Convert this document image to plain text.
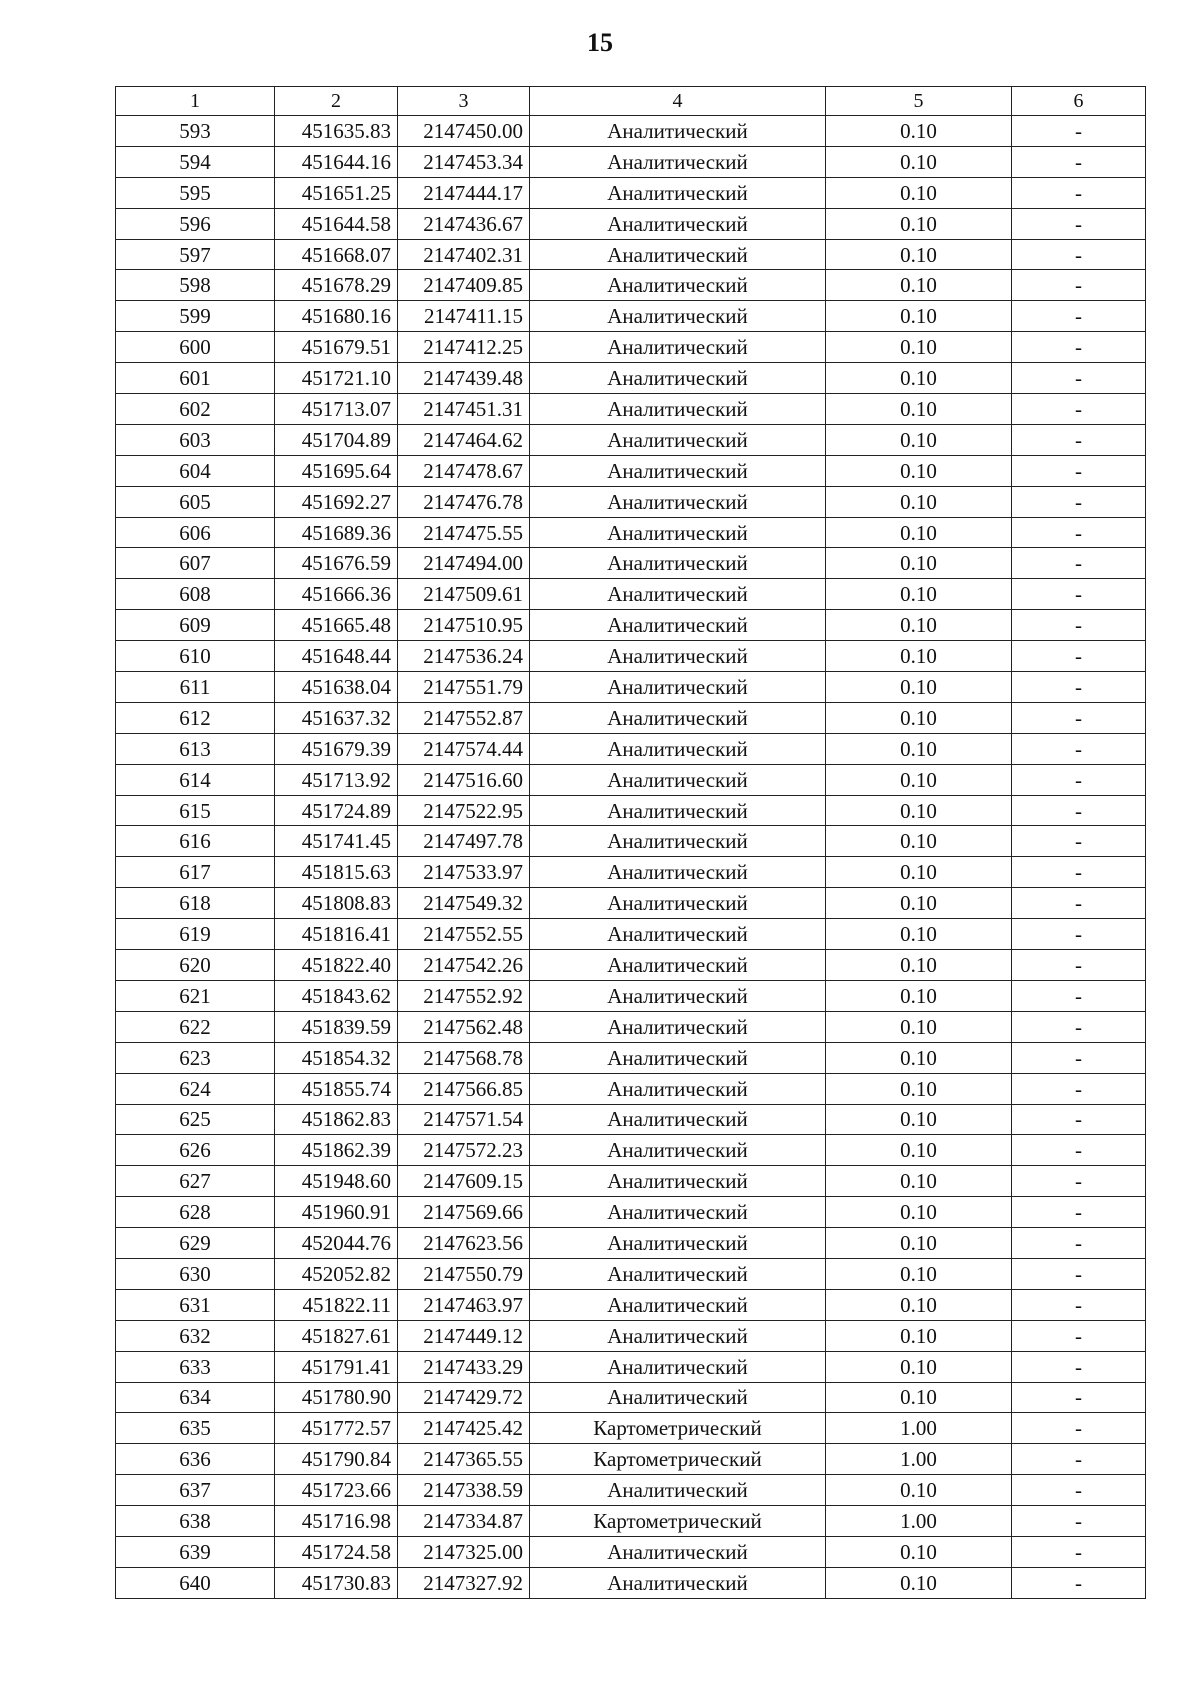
15
1	2	3	4	5	6
593	451635.83	2147450.00	Аналитический	0.10	-
594	451644.16	2147453.34	Аналитический	0.10	-
595	451651.25	2147444.17	Аналитический	0.10	-
596	451644.58	2147436.67	Аналитический	0.10	-
597	451668.07	2147402.31	Аналитический	0.10	-
598	451678.29	2147409.85	Аналитический	0.10	-
599	451680.16	2147411.15	Аналитический	0.10	-
600	451679.51	2147412.25	Аналитический	0.10	-
601	451721.10	2147439.48	Аналитический	0.10	-
602	451713.07	2147451.31	Аналитический	0.10	-
603	451704.89	2147464.62	Аналитический	0.10	-
604	451695.64	2147478.67	Аналитический	0.10	-
605	451692.27	2147476.78	Аналитический	0.10	-
606	451689.36	2147475.55	Аналитический	0.10	-
607	451676.59	2147494.00	Аналитический	0.10	-
608	451666.36	2147509.61	Аналитический	0.10	-
609	451665.48	2147510.95	Аналитический	0.10	-
610	451648.44	2147536.24	Аналитический	0.10	-
611	451638.04	2147551.79	Аналитический	0.10	-
612	451637.32	2147552.87	Аналитический	0.10	-
613	451679.39	2147574.44	Аналитический	0.10	-
614	451713.92	2147516.60	Аналитический	0.10	-
615	451724.89	2147522.95	Аналитический	0.10	-
616	451741.45	2147497.78	Аналитический	0.10	-
617	451815.63	2147533.97	Аналитический	0.10	-
618	451808.83	2147549.32	Аналитический	0.10	-
619	451816.41	2147552.55	Аналитический	0.10	-
620	451822.40	2147542.26	Аналитический	0.10	-
621	451843.62	2147552.92	Аналитический	0.10	-
622	451839.59	2147562.48	Аналитический	0.10	-
623	451854.32	2147568.78	Аналитический	0.10	-
624	451855.74	2147566.85	Аналитический	0.10	-
625	451862.83	2147571.54	Аналитический	0.10	-
626	451862.39	2147572.23	Аналитический	0.10	-
627	451948.60	2147609.15	Аналитический	0.10	-
628	451960.91	2147569.66	Аналитический	0.10	-
629	452044.76	2147623.56	Аналитический	0.10	-
630	452052.82	2147550.79	Аналитический	0.10	-
631	451822.11	2147463.97	Аналитический	0.10	-
632	451827.61	2147449.12	Аналитический	0.10	-
633	451791.41	2147433.29	Аналитический	0.10	-
634	451780.90	2147429.72	Аналитический	0.10	-
635	451772.57	2147425.42	Картометрический	1.00	-
636	451790.84	2147365.55	Картометрический	1.00	-
637	451723.66	2147338.59	Аналитический	0.10	-
638	451716.98	2147334.87	Картометрический	1.00	-
639	451724.58	2147325.00	Аналитический	0.10	-
640	451730.83	2147327.92	Аналитический	0.10	-
